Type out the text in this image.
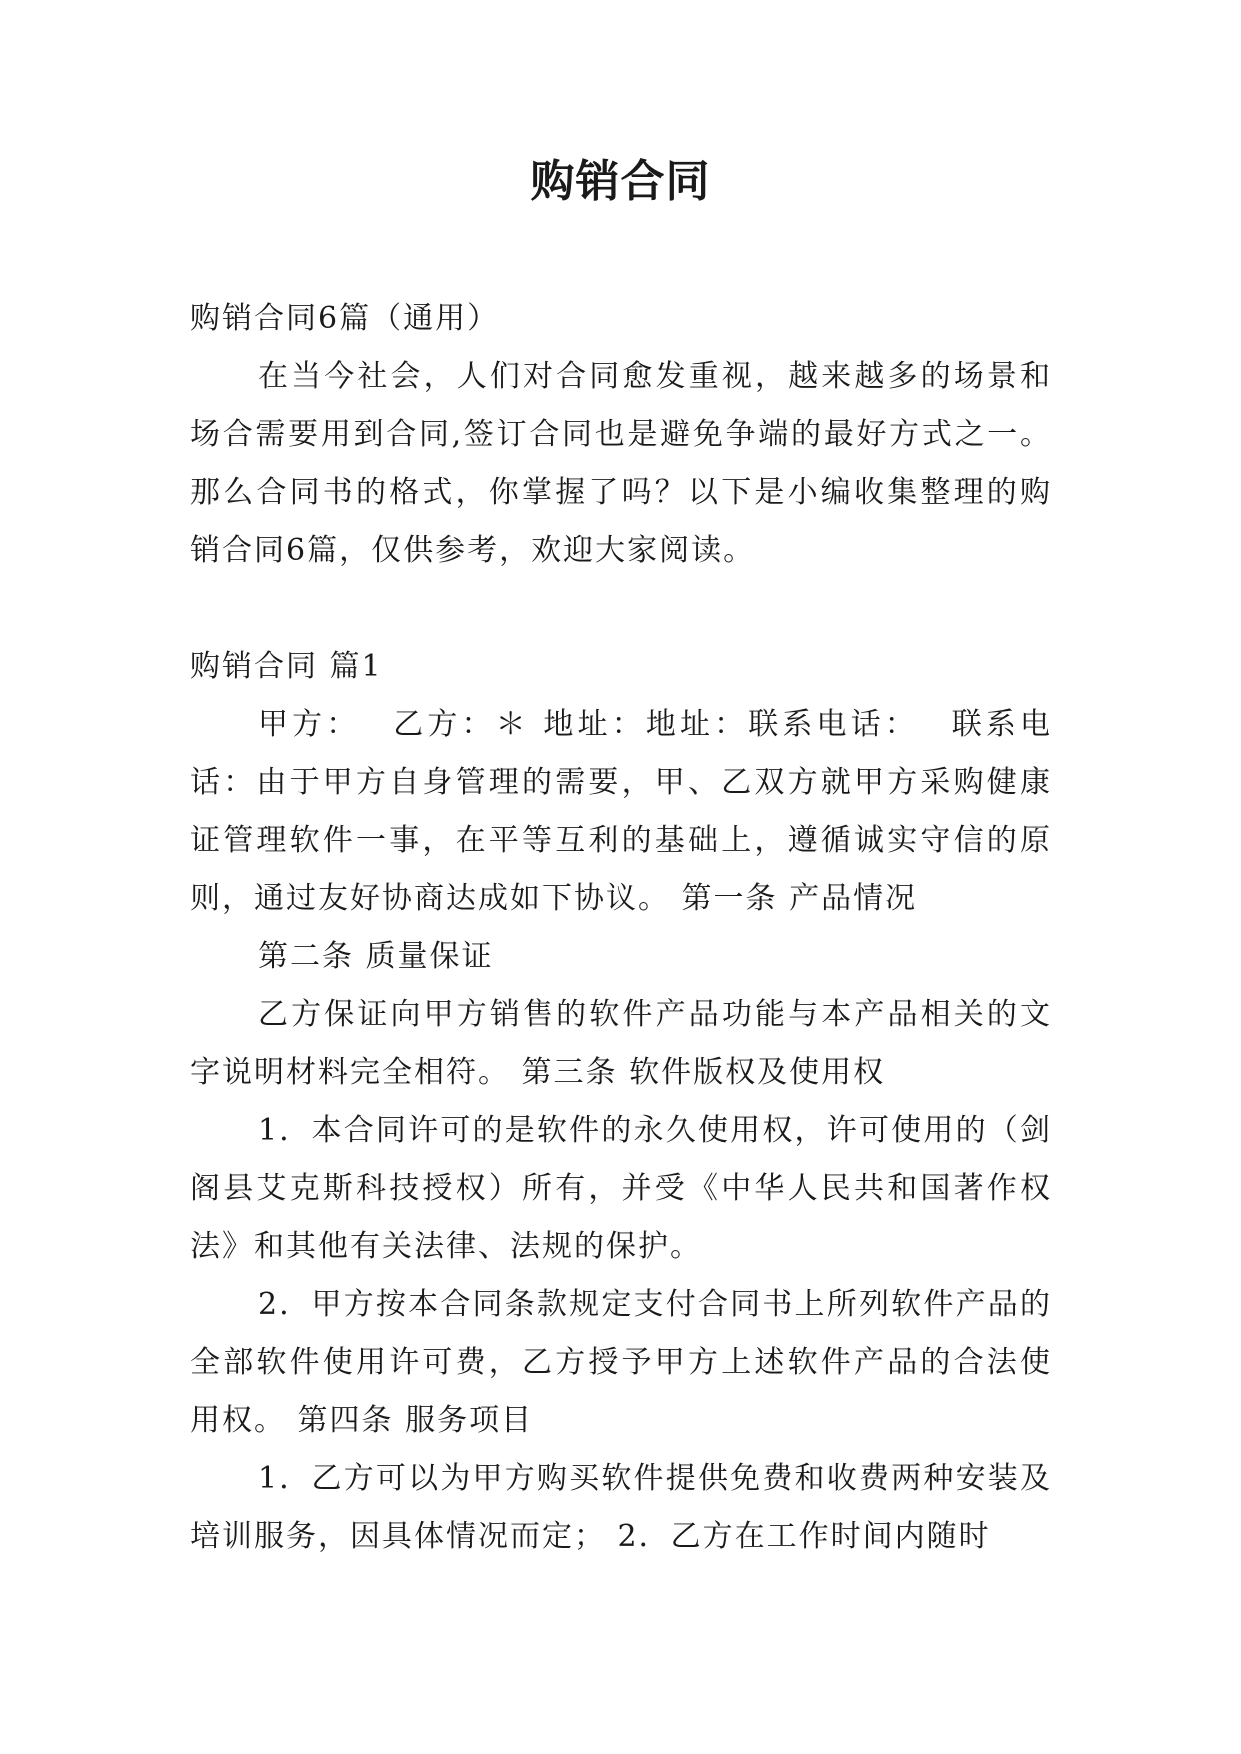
购销合同

购销合同6篇（通用）

在当今社会，人们对合同愈发重视，越来越多的场景和场合需要用到合同,签订合同也是避免争端的最好方式之一。那么合同书的格式，你掌握了吗？以下是小编收集整理的购销合同6篇，仅供参考，欢迎大家阅读。

购销合同 篇1

甲方：　 乙方：＊ 地址：地址：联系电话：　 联系电话：由于甲方自身管理的需要，甲、乙双方就甲方采购健康证管理软件一事，在平等互利的基础上，遵循诚实守信的原则，通过友好协商达成如下协议。 第一条 产品情况

第二条 质量保证

乙方保证向甲方销售的软件产品功能与本产品相关的文字说明材料完全相符。 第三条 软件版权及使用权

1．本合同许可的是软件的永久使用权，许可使用的（剑阁县艾克斯科技授权）所有，并受《中华人民共和国著作权法》和其他有关法律、法规的保护。

2．甲方按本合同条款规定支付合同书上所列软件产品的全部软件使用许可费，乙方授予甲方上述软件产品的合法使用权。 第四条 服务项目

1．乙方可以为甲方购买软件提供免费和收费两种安装及培训服务，因具体情况而定； 2．乙方在工作时间内随时
